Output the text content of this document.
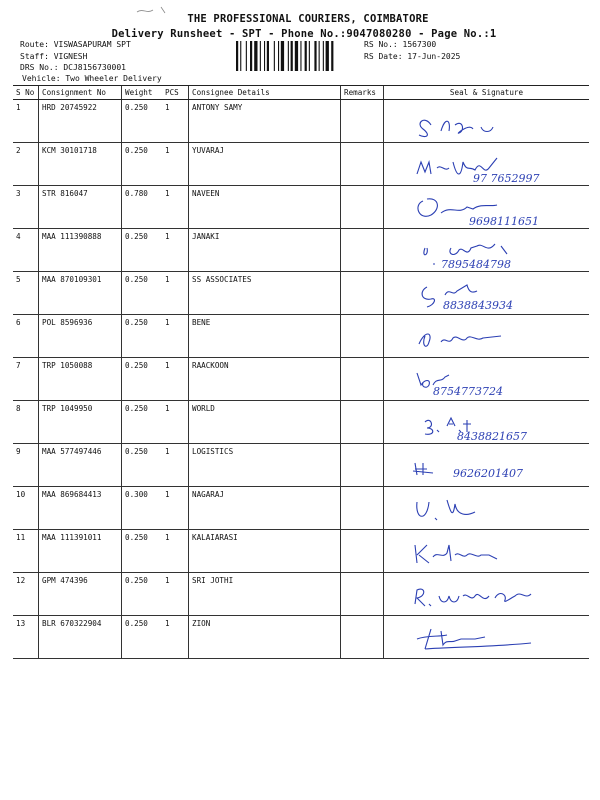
THE PROFESSIONAL COURIERS, COIMBATORE
Delivery Runsheet - SPT - Phone No.:9047080280 - Page No.:1
Route: VISWASAPURAM SPT
Staff: VIGNESH
DRS No.: DCJ8156730001
Vehicle: Two Wheeler Delivery
RS No.: 1567300
RS Date: 17-Jun-2025
S No	Consignment No	Weight	PCS	Consignee Details	Remarks	Seal & Signature
1	HRD 20745922	0.250	1	ANTONY SAMY		

2	KCM 30101718	0.250	1	YUVARAJ		97 7652997

3	STR 816047	0.780	1	NAVEEN		9698111651

4	MAA 111390888	0.250	1	JANAKI		7895484798

5	MAA 870109301	0.250	1	SS ASSOCIATES		8838843934

6	POL 8596936	0.250	1	BENE		

7	TRP 1050088	0.250	1	RAACKOON		8754773724

8	TRP 1049950	0.250	1	WORLD		8438821657

9	MAA 577497446	0.250	1	LOGISTICS		9626201407

10	MAA 869684413	0.300	1	NAGARAJ		

11	MAA 111391011	0.250	1	KALAIARASI		

12	GPM 474396	0.250	1	SRI JOTHI		

13	BLR 670322904	0.250	1	ZION		
